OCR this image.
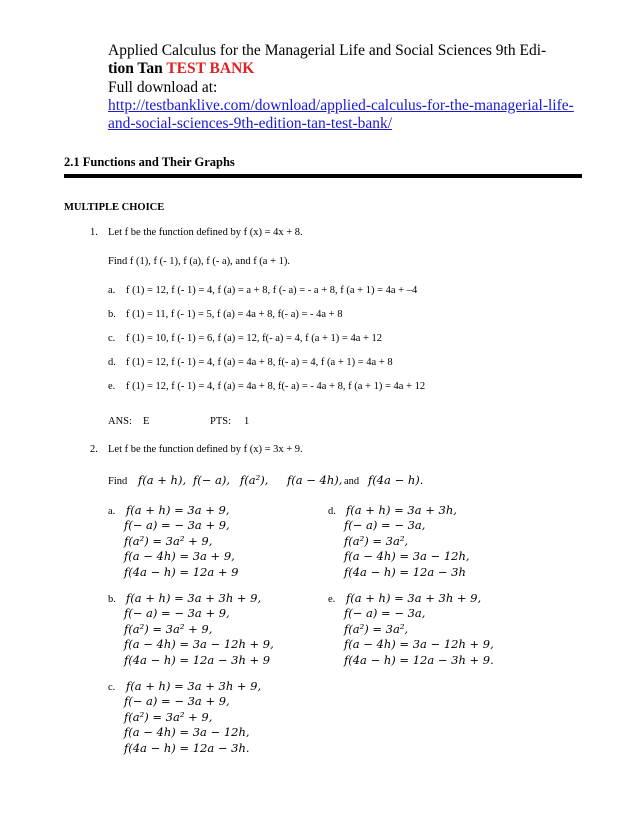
Applied Calculus for the Managerial Life and Social Sciences 9th Edi-
tion Tan TEST BANK
Full download at:
http://testbanklive.com/download/applied-calculus-for-the-managerial-life-
and-social-sciences-9th-edition-tan-test-bank/
2.1 Functions and Their Graphs
MULTIPLE CHOICE
1. Let f be the function defined by f (x) = 4x + 8.
Find f (1), f (- 1), f (a), f (- a), and f (a + 1).
a. f (1) = 12, f (- 1) = 4, f (a) = a + 8, f (- a) = - a + 8, f (a + 1) = 4a + –4
b. f (1) = 11, f (- 1) = 5, f (a) = 4a + 8, f(- a) = - 4a + 8
c. f (1) = 10, f (- 1) = 6, f (a) = 12, f(- a) = 4, f (a + 1) = 4a + 12
d. f (1) = 12, f (- 1) = 4, f (a) = 4a + 8, f(- a) = 4, f (a + 1) = 4a + 8
e. f (1) = 12, f (- 1) = 4, f (a) = 4a + 8, f(- a) = - 4a + 8, f (a + 1) = 4a + 12
ANS: E	PTS: 1
2. Let f be the function defined by f (x) = 3x + 9.
Find f(a + h), f(− a), f(a²), f(a − 4h), and f(4a − h).
a. f(a + h) = 3a + 9,
f(− a) = − 3a + 9,
f(a²) = 3a² + 9,
f(a − 4h) = 3a + 9,
f(4a − h) = 12a + 9
d. f(a + h) = 3a + 3h,
f(− a) = − 3a,
f(a²) = 3a²,
f(a − 4h) = 3a − 12h,
f(4a − h) = 12a − 3h
b. f(a + h) = 3a + 3h + 9,
f(− a) = − 3a + 9,
f(a²) = 3a² + 9,
f(a − 4h) = 3a − 12h + 9,
f(4a − h) = 12a − 3h + 9
e. f(a + h) = 3a + 3h + 9,
f(− a) = − 3a,
f(a²) = 3a²,
f(a − 4h) = 3a − 12h + 9,
f(4a − h) = 12a − 3h + 9.
c. f(a + h) = 3a + 3h + 9,
f(− a) = − 3a + 9,
f(a²) = 3a² + 9,
f(a − 4h) = 3a − 12h,
f(4a − h) = 12a − 3h.
